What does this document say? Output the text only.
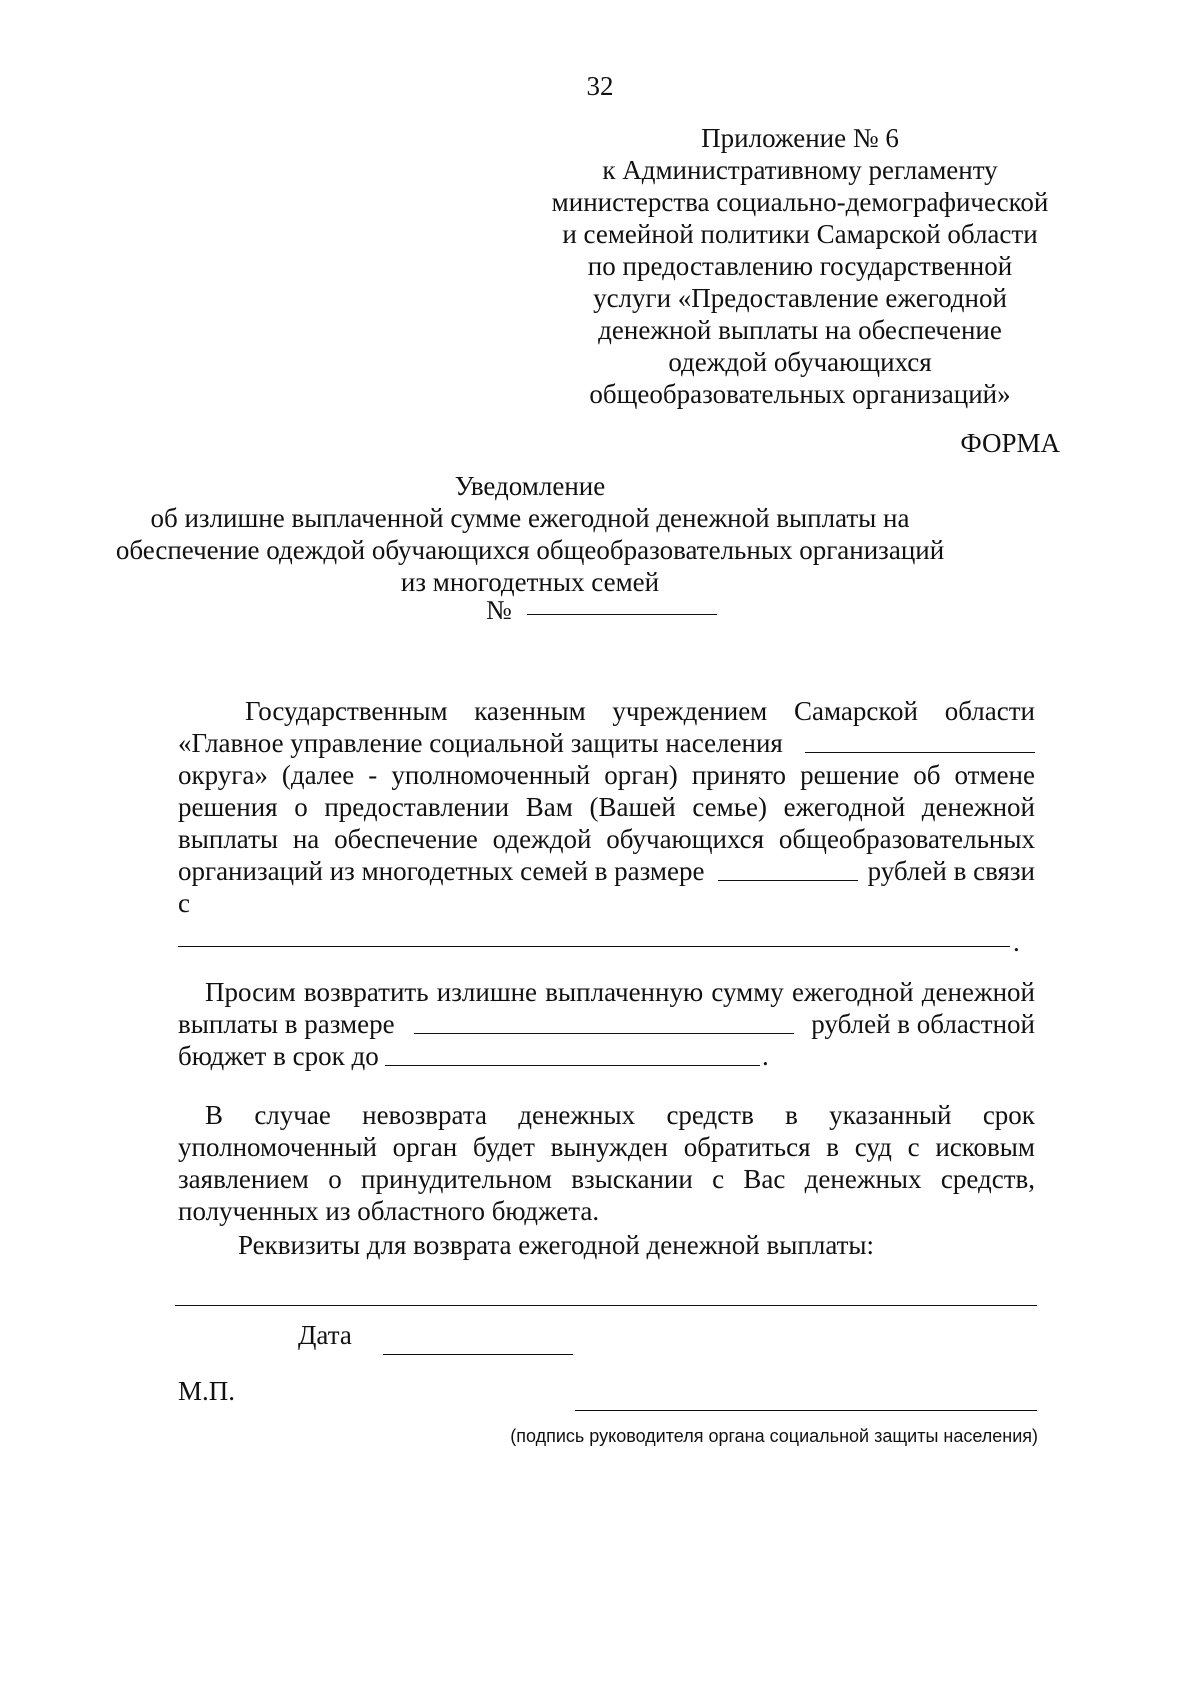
32
Приложение № 6
к Административному регламенту
министерства социально-демографической
и семейной политики Самарской области
по предоставлению государственной
услуги «Предоставление ежегодной
денежной выплаты на обеспечение
одеждой обучающихся
общеобразовательных организаций»
ФОРМА
Уведомление
об излишне выплаченной сумме ежегодной денежной выплаты на
обеспечение одеждой обучающихся общеобразовательных организаций
из многодетных семей
№
Государственным казенным учреждением Самарской области
«Главное управление социальной защиты населения
округа» (далее - уполномоченный орган) принято решение об отмене
решения о предоставлении Вам (Вашей семье) ежегодной денежной
выплаты на обеспечение одеждой обучающихся общеобразовательных
организаций из многодетных семей в размере	рублей в связи
с
.
Просим возвратить излишне выплаченную сумму ежегодной денежной
выплаты в размере	рублей в областной
бюджет в срок до	.
В случае невозврата денежных средств в указанный срок
уполномоченный орган будет вынужден обратиться в суд с исковым
заявлением о принудительном взыскании с Вас денежных средств,
полученных из областного бюджета.
Реквизиты для возврата ежегодной денежной выплаты:
Дата
М.П.
(подпись руководителя органа социальной защиты населения)
